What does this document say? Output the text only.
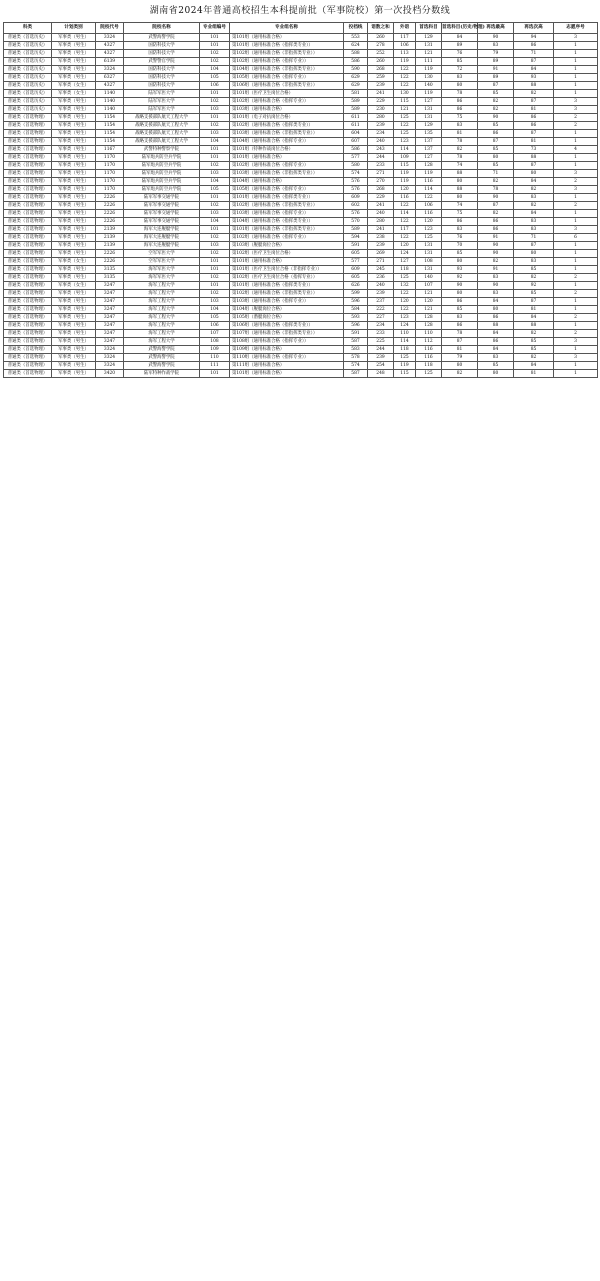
湖南省2024年普通高校招生本科提前批（军事院校）第一次投档分数线
科类	计划类别	院校代号	院校名称	专业组编号	专业组名称	投档线	语数之和	外语	首选科目	首选科目(历史/物理)	再选最高	再选次高	志愿序号
普通类（首选历史）	军事类（男生）	3324	武警海警学院	101	第101组（通用标准合格）	553	260	117	129	84	90	94	3
普通类（首选历史）	军事类（男生）	4327	国防科技大学	101	第101组（通用标准合格（指挥类专业））	624	278	106	131	89	83	86	1
普通类（首选历史）	军事类（男生）	4327	国防科技大学	102	第102组（通用标准合格（非指挥类专业））	588	252	113	121	76	79	71	1
普通类（首选历史）	军事类（男生）	6139	武警警官学院	102	第102组（通用标准合格（指挥专业））	586	260	119	111	85	89	87	1
普通类（首选历史）	军事类（男生）	3324	国防科技大学	104	第104组（通用标准合格（非指挥类专业））	590	268	122	119	72	91	84	1
普通类（首选历史）	军事类（男生）	6327	国防科技大学	105	第105组（通用标准合格（指挥专业））	629	259	122	130	83	89	93	1
普通类（首选历史）	军事类（女生）	4327	国防科技大学	106	第106组（通用标准合格（非指挥类专业））	629	239	122	140	80	87	88	1
普通类（首选历史）	军事类（女生）	1140	陆军军医大学	101	第101组（医疗卫生岗位合格）	581	241	130	119	78	85	82	1
普通类（首选历史）	军事类（男生）	1140	陆军军医大学	102	第102组（通用标准合格（指挥专业））	589	229	115	127	86	82	87	3
普通类（首选历史）	军事类（男生）	1140	陆军军医大学	103	第103组（通用标准合格）	589	230	121	131	86	82	81	3
普通类（首选物理）	军事类（男生）	1154	战略支援部队航天工程大学	101	第101组（电子对抗岗位合格）	611	280	125	131	75	90	86	2
普通类（首选物理）	军事类（男生）	1154	战略支援部队航天工程大学	102	第102组（通用标准合格（指挥类专业））	611	239	122	129	83	85	86	2
普通类（首选物理）	军事类（男生）	1154	战略支援部队航天工程大学	103	第103组（通用标准合格（非指挥类专业））	604	234	125	135	81	86	87	1
普通类（首选物理）	军事类（男生）	1154	战略支援部队航天工程大学	104	第104组（通用标准合格（指挥专业））	607	240	123	137	78	87	81	1
普通类（首选物理）	军事类（男生）	1167	武警特种警察学院	101	第101组（特种作战岗位合格）	586	243	114	137	82	85	73	4
普通类（首选物理）	军事类（男生）	1170	陆军炮兵防空兵学院	101	第101组（通用标准合格）	577	244	109	127	78	80	88	1
普通类（首选物理）	军事类（男生）	1170	陆军炮兵防空兵学院	102	第102组（通用标准合格（指挥专业））	580	233	115	128	74	85	87	1
普通类（首选物理）	军事类（男生）	1170	陆军炮兵防空兵学院	103	第103组（通用标准合格（非指挥类专业））	574	271	119	119	88	71	80	3
普通类（首选物理）	军事类（男生）	1170	陆军炮兵防空兵学院	104	第104组（通用标准合格）	576	270	119	116	80	82	84	2
普通类（首选物理）	军事类（男生）	1170	陆军炮兵防空兵学院	105	第105组（通用标准合格（指挥专业））	576	268	120	114	88	78	82	3
普通类（首选物理）	军事类（男生）	2226	陆军军事交通学院	101	第101组（通用标准合格（指挥类专业））	609	229	116	122	80	90	83	1
普通类（首选物理）	军事类（男生）	2226	陆军军事交通学院	102	第102组（通用标准合格（非指挥类专业））	602	241	122	106	74	87	82	2
普通类（首选物理）	军事类（男生）	2226	陆军军事交通学院	103	第103组（通用标准合格（指挥专业））	576	240	114	116	75	82	84	1
普通类（首选物理）	军事类（男生）	2226	陆军军事交通学院	104	第104组（通用标准合格（指挥类专业））	570	280	122	120	86	86	83	1
普通类（首选物理）	军事类（男生）	2139	海军大连舰艇学院	101	第101组（通用标准合格（非指挥类专业））	589	241	117	123	83	86	83	3
普通类（首选物理）	军事类（男生）	2139	海军大连舰艇学院	102	第102组（通用标准合格（指挥专业））	594	238	122	125	76	91	71	6
普通类（首选物理）	军事类（男生）	2139	海军大连舰艇学院	103	第103组（舰艇岗位合格）	591	239	120	131	70	90	87	1
普通类（首选物理）	军事类（男生）	2226	空军军医大学	102	第102组（医疗卫生岗位合格）	605	269	124	131	85	90	80	1
普通类（首选物理）	军事类（女生）	2226	空军军医大学	101	第101组（通用标准合格）	577	271	127	108	80	82	83	1
普通类（首选物理）	军事类（男生）	3135	海军军医大学	101	第101组（医疗卫生岗位合格（非指挥专业））	609	245	118	131	93	91	85	1
普通类（首选物理）	军事类（男生）	3135	海军军医大学	102	第102组（医疗卫生岗位合格（指挥专业））	605	236	125	140	92	83	82	2
普通类（首选物理）	军事类（女生）	3247	海军工程大学	101	第101组（通用标准合格（指挥类专业））	626	240	132	107	90	90	92	1
普通类（首选物理）	军事类（男生）	3247	海军工程大学	102	第102组（通用标准合格（非指挥类专业））	599	239	122	121	80	83	85	2
普通类（首选物理）	军事类（男生）	3247	海军工程大学	103	第103组（通用标准合格（指挥专业））	596	237	120	120	86	84	87	1
普通类（首选物理）	军事类（男生）	3247	海军工程大学	104	第104组（舰艇岗位合格）	584	222	122	121	85	80	81	1
普通类（首选物理）	军事类（男生）	3247	海军工程大学	105	第105组（潜艇岗位合格）	593	227	123	128	83	86	84	2
普通类（首选物理）	军事类（男生）	3247	海军工程大学	106	第106组（通用标准合格（指挥类专业））	596	234	124	128	86	88	88	1
普通类（首选物理）	军事类（男生）	3247	海军工程大学	107	第107组（通用标准合格（非指挥类专业））	591	233	110	110	78	84	82	2
普通类（首选物理）	军事类（男生）	3247	海军工程大学	108	第108组（通用标准合格（指挥专业））	587	225	114	112	87	86	85	3
普通类（首选物理）	军事类（男生）	3324	武警海警学院	109	第109组（通用标准合格）	583	244	118	116	81	84	85	1
普通类（首选物理）	军事类（男生）	3324	武警海警学院	110	第110组（通用标准合格（指挥专业））	578	239	125	116	79	83	82	3
普通类（首选物理）	军事类（男生）	3324	武警海警学院	111	第111组（通用标准合格）	574	254	119	118	80	85	84	1
普通类（首选物理）	军事类（男生）	3420	陆军特种作战学院	101	第101组（通用标准合格）	587	248	115	125	82	80	81	1
